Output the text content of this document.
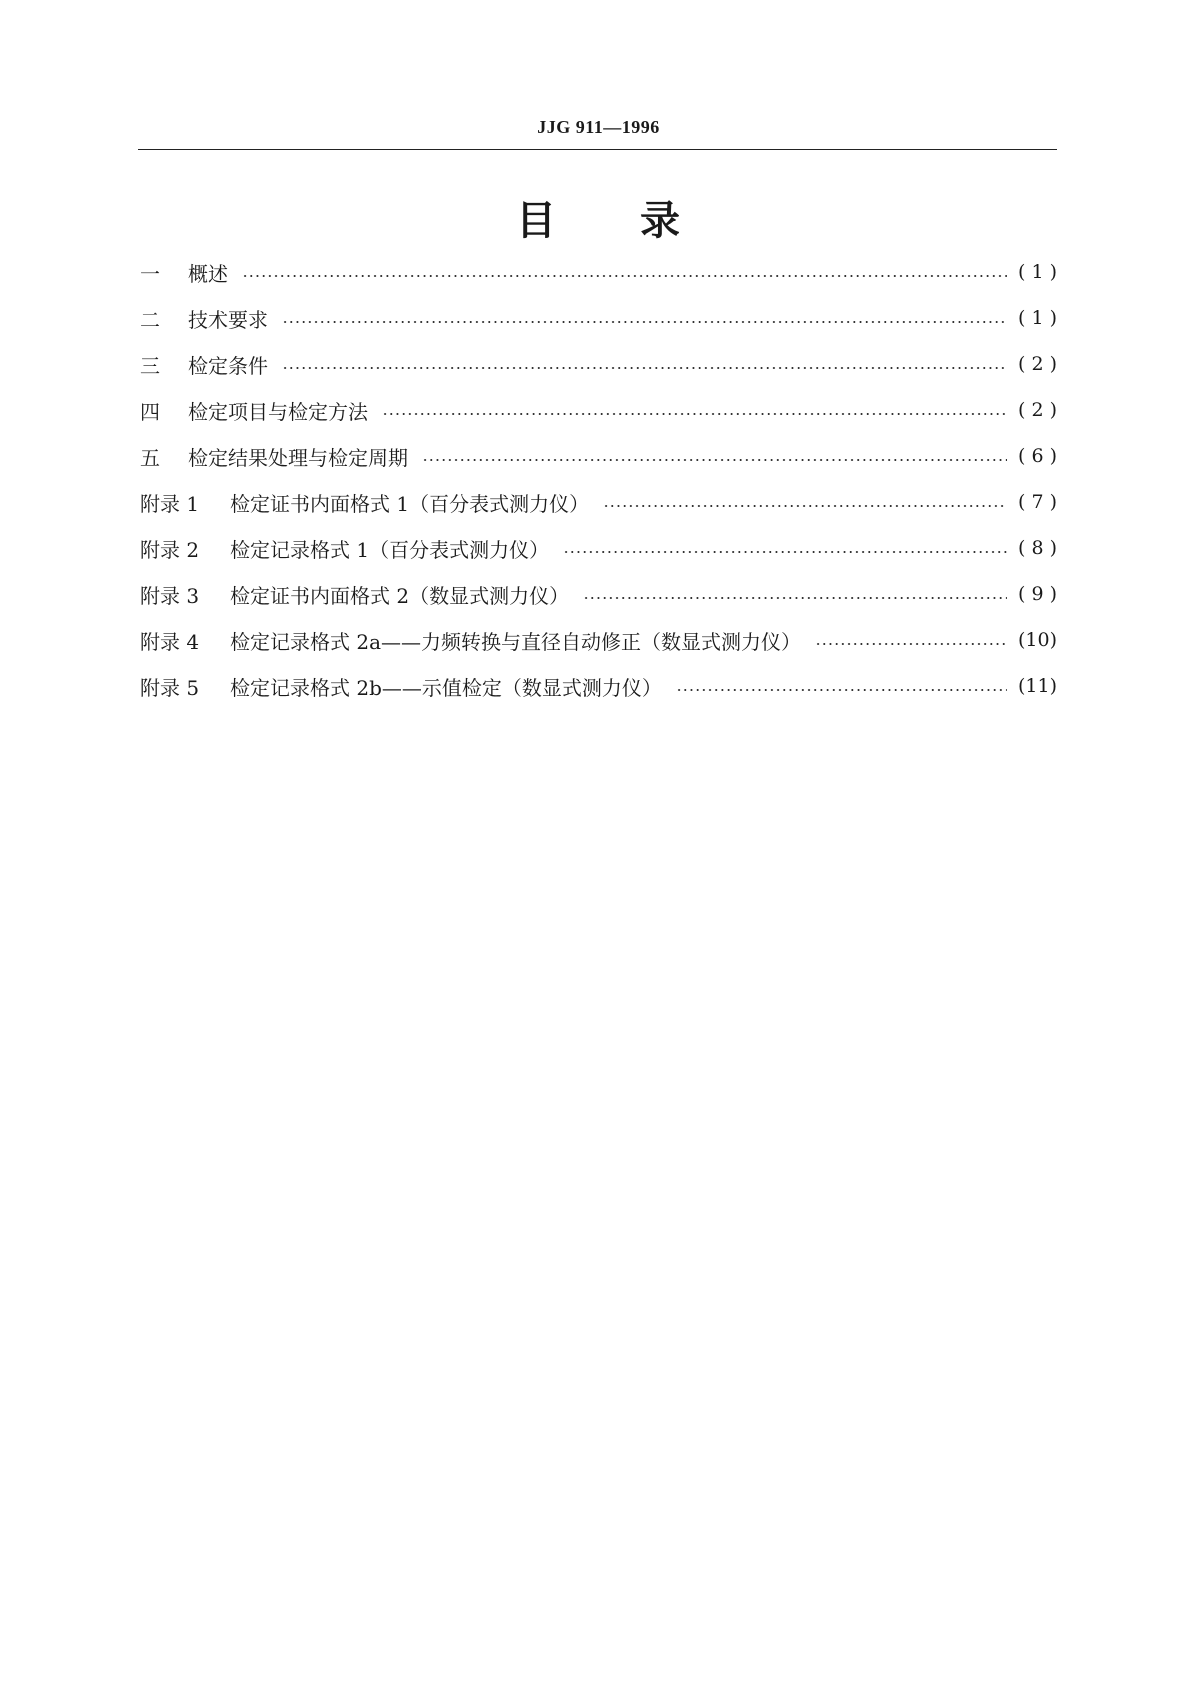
JJG 911—1996
目 录
一	概述	( 1 )
二	技术要求	( 1 )
三	检定条件	( 2 )
四	检定项目与检定方法	( 2 )
五	检定结果处理与检定周期	( 6 )
附录 1	检定证书内面格式 1（百分表式测力仪）	( 7 )
附录 2	检定记录格式 1（百分表式测力仪）	( 8 )
附录 3	检定证书内面格式 2（数显式测力仪）	( 9 )
附录 4	检定记录格式 2a——力频转换与直径自动修正（数显式测力仪）	(10)
附录 5	检定记录格式 2b——示值检定（数显式测力仪）	(11)
